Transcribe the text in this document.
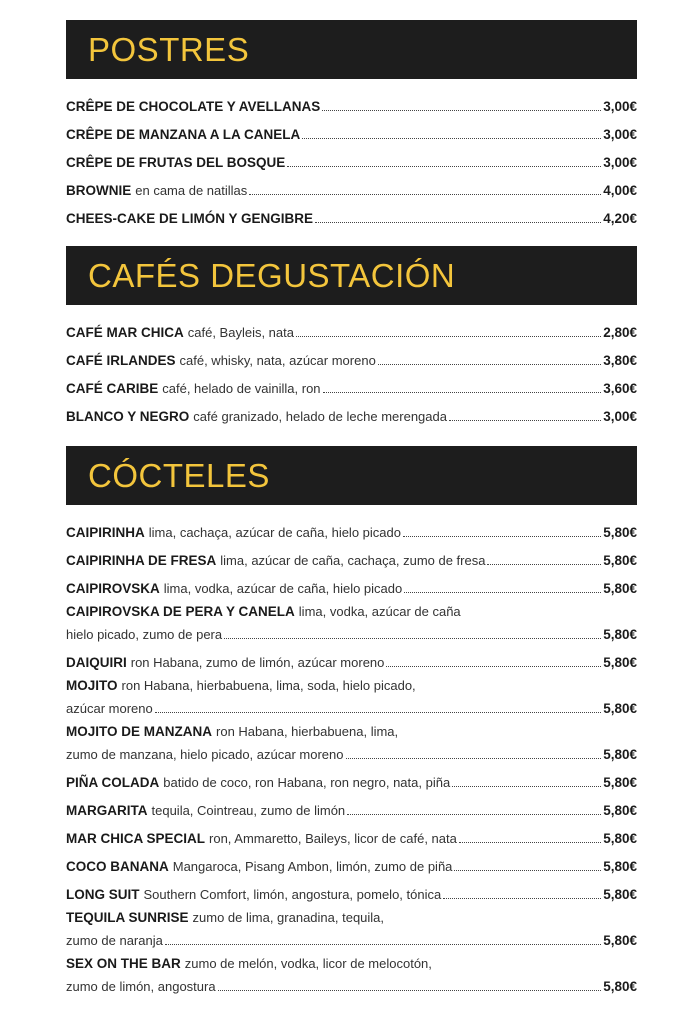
POSTRES
CRÊPE DE CHOCOLATE Y AVELLANAS	3,00€
CRÊPE DE MANZANA A LA CANELA	3,00€
CRÊPE DE FRUTAS DEL BOSQUE	3,00€
BROWNIE en cama de natillas	4,00€
CHEES-CAKE DE LIMÓN Y GENGIBRE	4,20€
CAFÉS DEGUSTACIÓN
CAFÉ MAR CHICA café, Bayleis, nata	2,80€
CAFÉ IRLANDES café, whisky, nata, azúcar moreno	3,80€
CAFÉ CARIBE café, helado de vainilla, ron	3,60€
BLANCO Y NEGRO café granizado, helado de leche merengada	3,00€
CÓCTELES
CAIPIRINHA lima, cachaça, azúcar de caña, hielo picado	5,80€
CAIPIRINHA DE FRESA lima, azúcar de caña, cachaça, zumo de fresa	5,80€
CAIPIROVSKA lima, vodka, azúcar de caña, hielo picado	5,80€
CAIPIROVSKA DE PERA Y CANELA lima, vodka, azúcar de caña
hielo picado, zumo de pera	5,80€
DAIQUIRI ron Habana, zumo de limón, azúcar moreno	5,80€
MOJITO ron Habana, hierbabuena, lima, soda, hielo picado,
azúcar moreno	5,80€
MOJITO DE MANZANA ron Habana, hierbabuena, lima,
zumo de manzana, hielo picado, azúcar moreno	5,80€
PIÑA COLADA batido de coco, ron Habana, ron negro, nata, piña	5,80€
MARGARITA tequila, Cointreau, zumo de limón	5,80€
MAR CHICA SPECIAL ron, Ammaretto, Baileys, licor de café, nata	5,80€
COCO BANANA Mangaroca, Pisang Ambon, limón, zumo de piña	5,80€
LONG SUIT Southern Comfort, limón, angostura, pomelo, tónica	5,80€
TEQUILA SUNRISE zumo de lima, granadina, tequila,
zumo de naranja	5,80€
SEX ON THE BAR zumo de melón, vodka, licor de melocotón,
zumo de limón, angostura	5,80€
